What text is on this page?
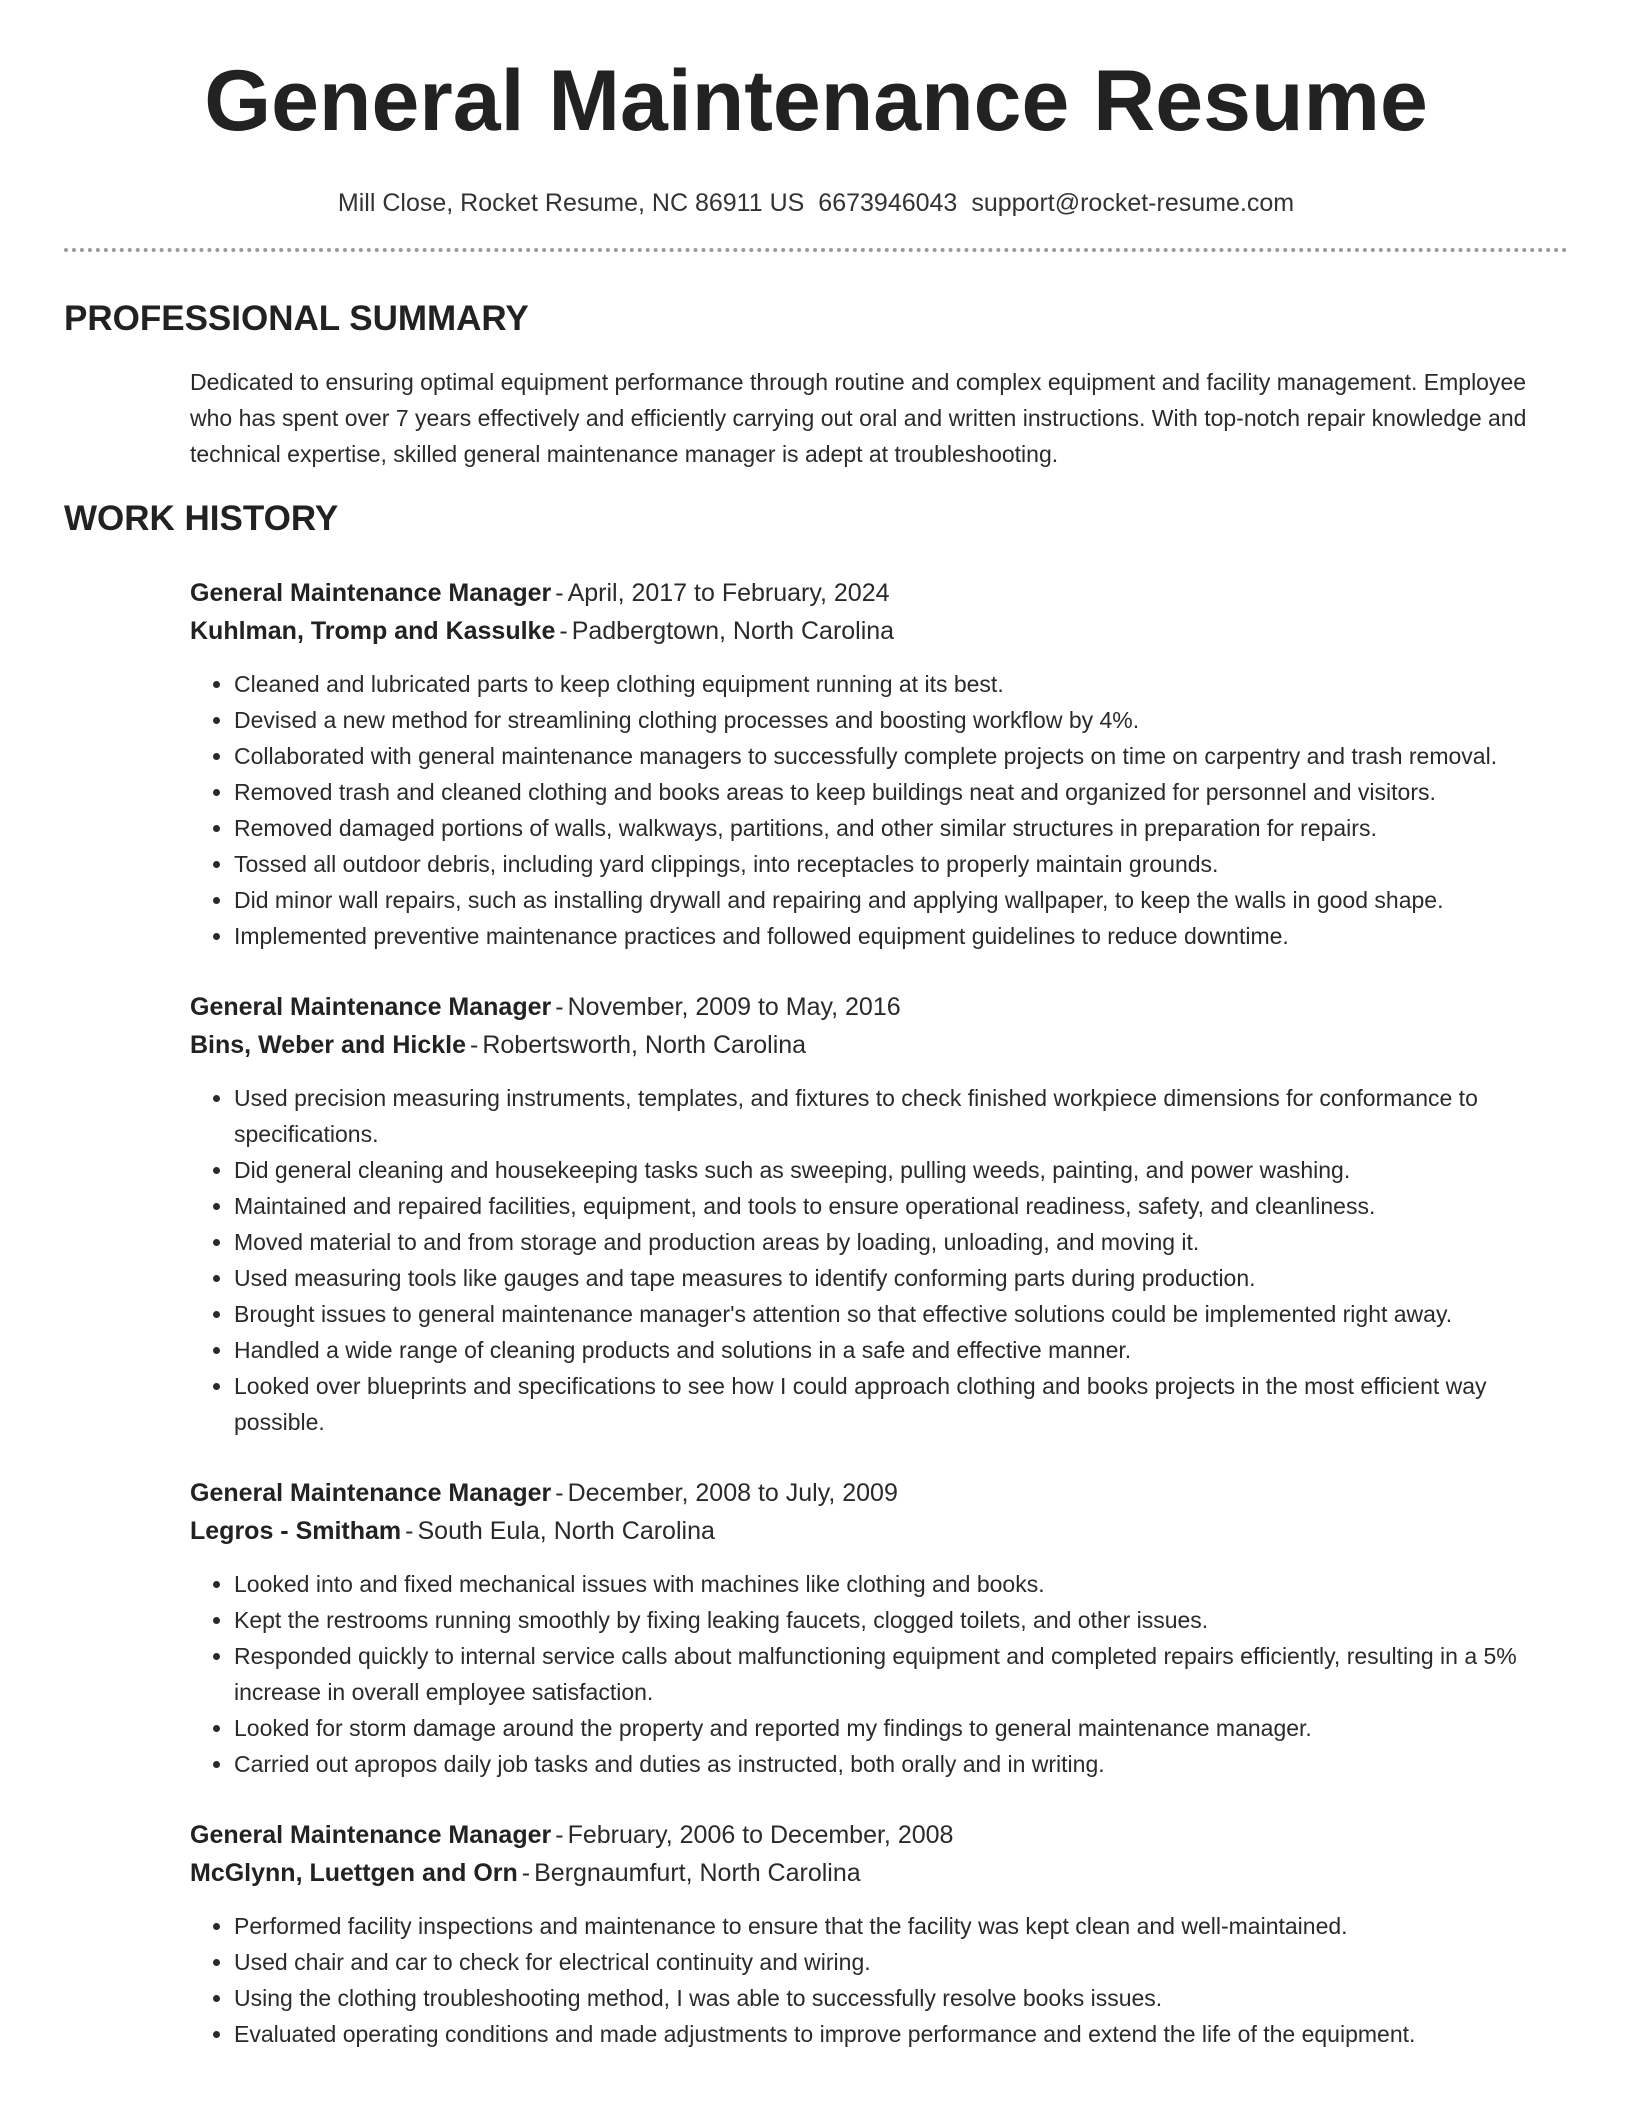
General Maintenance Resume
Mill Close, Rocket Resume, NC 86911 US 6673946043 support@rocket-resume.com
PROFESSIONAL SUMMARY

Dedicated to ensuring optimal equipment performance through routine and complex equipment and facility management. Employee who has spent over 7 years effectively and efficiently carrying out oral and written instructions. With top-notch repair knowledge and technical expertise, skilled general maintenance manager is adept at troubleshooting.

WORK HISTORY
General Maintenance Manager - April, 2017 to February, 2024
Kuhlman, Tromp and Kassulke - Padbergtown, North Carolina
• Cleaned and lubricated parts to keep clothing equipment running at its best.
• Devised a new method for streamlining clothing processes and boosting workflow by 4%.
• Collaborated with general maintenance managers to successfully complete projects on time on carpentry and trash removal.
• Removed trash and cleaned clothing and books areas to keep buildings neat and organized for personnel and visitors.
• Removed damaged portions of walls, walkways, partitions, and other similar structures in preparation for repairs.
• Tossed all outdoor debris, including yard clippings, into receptacles to properly maintain grounds.
• Did minor wall repairs, such as installing drywall and repairing and applying wallpaper, to keep the walls in good shape.
• Implemented preventive maintenance practices and followed equipment guidelines to reduce downtime.
General Maintenance Manager - November, 2009 to May, 2016
Bins, Weber and Hickle - Robertsworth, North Carolina
• Used precision measuring instruments, templates, and fixtures to check finished workpiece dimensions for conformance to specifications.
• Did general cleaning and housekeeping tasks such as sweeping, pulling weeds, painting, and power washing.
• Maintained and repaired facilities, equipment, and tools to ensure operational readiness, safety, and cleanliness.
• Moved material to and from storage and production areas by loading, unloading, and moving it.
• Used measuring tools like gauges and tape measures to identify conforming parts during production.
• Brought issues to general maintenance manager's attention so that effective solutions could be implemented right away.
• Handled a wide range of cleaning products and solutions in a safe and effective manner.
• Looked over blueprints and specifications to see how I could approach clothing and books projects in the most efficient way possible.
General Maintenance Manager - December, 2008 to July, 2009
Legros - Smitham - South Eula, North Carolina
• Looked into and fixed mechanical issues with machines like clothing and books.
• Kept the restrooms running smoothly by fixing leaking faucets, clogged toilets, and other issues.
• Responded quickly to internal service calls about malfunctioning equipment and completed repairs efficiently, resulting in a 5% increase in overall employee satisfaction.
• Looked for storm damage around the property and reported my findings to general maintenance manager.
• Carried out apropos daily job tasks and duties as instructed, both orally and in writing.
General Maintenance Manager - February, 2006 to December, 2008
McGlynn, Luettgen and Orn - Bergnaumfurt, North Carolina
• Performed facility inspections and maintenance to ensure that the facility was kept clean and well-maintained.
• Used chair and car to check for electrical continuity and wiring.
• Using the clothing troubleshooting method, I was able to successfully resolve books issues.
• Evaluated operating conditions and made adjustments to improve performance and extend the life of the equipment.
